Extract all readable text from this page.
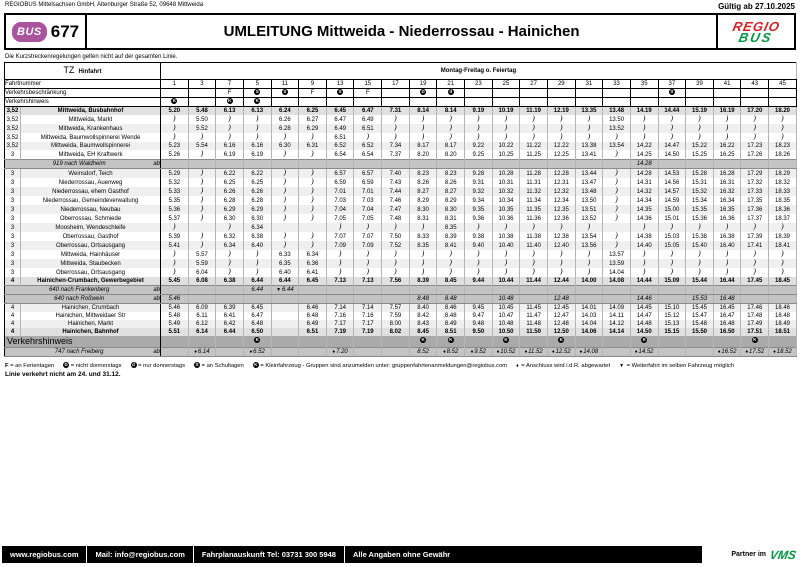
REGIOBUS Mittelsachsen GmbH, Altenburger Straße 52, 09648 Mittweida	Gültig ab 27.10.2025
BUS 677	UMLEITUNG Mittweida - Niederrossau - Hainichen	REGIO
BUS
Die Kurzstreckenregelungen gelten nicht auf der gesamten Linie.
TZ Hinfahrt		Montag-Freitag o. Feiertag																						
Fahrtnummer		1	3	7	5	11	9	13	15	17	19	21	23	25	27	29	31	33	35	37	39	41	43	45
Verkehrsbeschränkung				F	S	S	F	S	F		D	d								S				
Verkehrshinweis		K		K	K																			
3,52	Mittweida, Busbahnhof	5.20	5.48	6.13	6.13	6.24	6.25	6.45	6.47	7.31	8.14	8.14	9.19	10.19	11.19	12.19	13.35	13.48	14.19	14.44	15.19	16.19	17.20	18.20
3,52	Mittweida, Markt	)	5.50	)	)	6.26	6.27	6.47	6.49	)	)	)	)	)	)	)	)	13.50	)	)	)	)	)	)
3,52	Mittweida, Krankenhaus	)	5.52	)	)	6.28	6.29	6.49	6.51	)	)	)	)	)	)	)	)	13.52	)	)	)	)	)	)
3,52	Mittweida, Baumwollspinnerei Wende	)	)	)	)	)	)	6.51	)	)	)	)	)	)	)	)	)	)	)	)	)	)	)	)
3,52	Mittweida, Baumwollspinnerei	5.23	5.54	6.16	6.16	6.30	6.31	6.52	6.52	7.34	8.17	8.17	9.22	10.22	11.22	12.22	13.38	13.54	14.22	14.47	15.22	16.22	17.23	18.23
3	Mittweida, EH Kraftwerk	5.26	)	6.19	6.19	)	)	6.54	6.54	7.37	8.20	8.20	9.25	10.25	11.25	12.25	13.41	)	14.25	14.50	15.25	16.25	17.26	18.26
919 nach Waldheim ab																			14.28					
3	Weinsdorf, Teich	5.29	)	6.22	6.22	)	)	6.57	6.57	7.40	8.23	8.23	9.28	10.28	11.28	12.28	13.44	)	14.28	14.53	15.28	16.28	17.29	18.29
3	Niederrossau, Auenweg	5.32	)	6.25	6.25	)	)	6.59	6.59	7.43	8.26	8.26	9.31	10.31	11.31	12.31	13.47	)	14.31	14.56	15.31	16.31	17.32	18.32
3	Niederrossau, ehem Gasthof	5.33	)	6.26	6.26	)	)	7.01	7.01	7.44	8.27	8.27	9.32	10.32	11.32	12.32	13.48	)	14.32	14.57	15.32	16.32	17.33	18.33
3	Niederrossau, Gemeindeverwaltung	5.35	)	6.28	6.28	)	)	7.03	7.03	7.46	8.29	8.29	9.34	10.34	11.34	12.34	13.50	)	14.34	14.59	15.34	16.34	17.35	18.35
3	Niederrossau, Neubau	5.36	)	6.29	6.29	)	)	7.04	7.04	7.47	8.30	8.30	9.35	10.35	11.35	12.35	13.51	)	14.35	15.00	15.35	16.35	17.36	18.36
3	Oberrossau, Schmiede	5.37	)	6.30	6.30	)	)	7.05	7.05	7.48	8.31	8.31	9.36	10.36	11.36	12.36	13.52	)	14.36	15.01	15.36	16.36	17.37	18.37
3	Moosheim, Wendeschleife	)		)	6.34			)	)	)	)	8.35	)	)	)	)	)		)	)	)	)	)	)
3	Oberrossau, Gasthof	5.39	)	6.32	6.38	)	)	7.07	7.07	7.50	8.33	8.39	9.38	10.38	11.38	12.38	13.54	)	14.38	15.03	15.38	16.38	17.39	18.39
3	Oberrossau, Ortsausgang	5.41	)	6.34	6.40	)	)	7.09	7.09	7.52	8.35	8.41	9.40	10.40	11.40	12.40	13.56	)	14.40	15.05	15.40	16.40	17.41	18.41
3	Mittweida, Hainhäuser	)	5.57	)	)	6.33	6.34	)	)	)	)	)	)	)	)	)	)	13.57	)	)	)	)	)	)
3	Mittweida, Staubecken	)	5.59	)	)	6.35	6.36	)	)	)	)	)	)	)	)	)	)	13.59	)	)	)	)	)	)
3	Oberrossau, Ortsausgang	)	6.04	)	)	6.40	6.41	)	)	)	)	)	)	)	)	)	)	14.04	)	)	)	)	)	)
4	Hainichen-Crumbach, Gewerbegebiet	5.45	6.08	6.38	6.44	6.44	6.45	7.13	7.13	7.56	8.39	8.45	9.44	10.44	11.44	12.44	14.00	14.08	14.44	15.09	15.44	16.44	17.45	18.45
640 nach Frankenberg ab					6.44	▼6.44																		
640 nach Roßwein ab		5.46									8.48	8.48		10.48		12.48			14.46		15.53	16.48		
4	Hainichen, Crumbach	5.46	6.09	6.39	6.45		6.46	7.14	7.14	7.57	8.40	8.46	9.45	10.45	11.45	12.45	14.01	14.09	14.45	15.10	15.45	16.45	17.46	18.46
4	Hainichen, Mittweidaer Str	5.48	6.11	6.41	6.47		6.48	7.16	7.16	7.59	8.42	8.48	9.47	10.47	11.47	12.47	14.03	14.11	14.47	15.12	15.47	16.47	17.48	18.48
4	Hainichen, Markt	5.49	6.12	6.42	6.48		6.49	7.17	7.17	8.00	8.43	8.49	9.48	10.48	11.48	12.48	14.04	14.12	14.48	15.13	15.48	16.48	17.49	18.49
4	Hainichen, Bahnhof	5.51	6.14	6.44	6.50		6.51	7.19	7.19	8.02	8.45	8.51	9.50	10.50	11.50	12.50	14.06	14.14	14.50	15.15	15.50	16.50	17.51	18.51
Verkehrshinweis					K						K	K		K		K			K				K	
747 nach Freiberg ab			♦6.14		♦6.52			♦7.20			8.52	♦8.52	♦9.52	♦10.52	♦11.52	♦12.52	♦14.08		♦14.52			♦16.52	♦17.52	♦18.52
F = an Ferientagen D = nicht donnerstags d = nur donnerstags S = an Schultagen K = Kleinfahrzeug - Gruppen sind anzumelden unter: gruppenfahrtenanmeldungen@regiobus.com ♦ = Anschluss wird i.d.R. abgewartet ▼ = Weiterfahrt im selben Fahrzeug möglich
Linie verkehrt nicht am 24. und 31.12.
www.regiobus.com	Mail: info@regiobus.com	Fahrplanauskunft Tel: 03731 300 5948	Alle Angaben ohne Gewähr	Partner im VMS
